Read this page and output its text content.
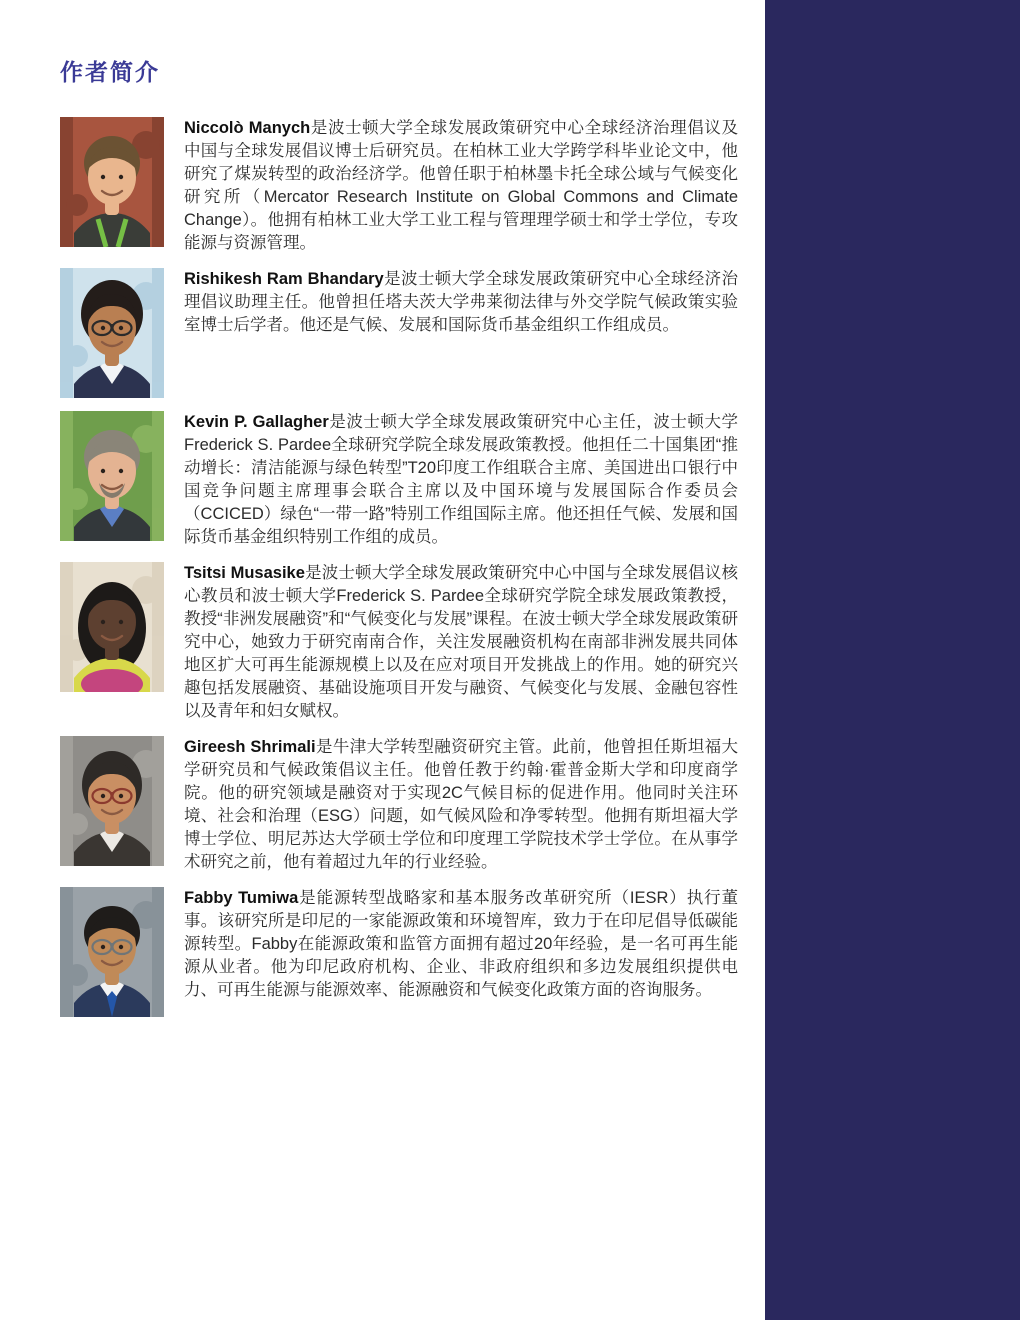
作者简介

Niccolò Manych是波士顿大学全球发展政策研究中心全球经济治理倡议及中国与全球发展倡议博士后研究员。在柏林工业大学跨学科毕业论文中，他研究了煤炭转型的政治经济学。他曾任职于柏林墨卡托全球公域与气候变化研究所（Mercator Research Institute on Global Commons and Climate Change）。他拥有柏林工业大学工业工程与管理理学硕士和学士学位，专攻能源与资源管理。

Rishikesh Ram Bhandary是波士顿大学全球发展政策研究中心全球经济治理倡议助理主任。他曾担任塔夫茨大学弗莱彻法律与外交学院气候政策实验室博士后学者。他还是气候、发展和国际货币基金组织工作组成员。

Kevin P. Gallagher是波士顿大学全球发展政策研究中心主任，波士顿大学Frederick S. Pardee全球研究学院全球发展政策教授。他担任二十国集团“推动增长：清洁能源与绿色转型”T20印度工作组联合主席、美国进出口银行中国竞争问题主席理事会联合主席以及中国环境与发展国际合作委员会（CCICED）绿色“一带一路”特别工作组国际主席。他还担任气候、发展和国际货币基金组织特别工作组的成员。

Tsitsi Musasike是波士顿大学全球发展政策研究中心中国与全球发展倡议核心教员和波士顿大学Frederick S. Pardee全球研究学院全球发展政策教授，教授“非洲发展融资”和“气候变化与发展”课程。在波士顿大学全球发展政策研究中心，她致力于研究南南合作，关注发展融资机构在南部非洲发展共同体地区扩大可再生能源规模上以及在应对项目开发挑战上的作用。她的研究兴趣包括发展融资、基础设施项目开发与融资、气候变化与发展、金融包容性以及青年和妇女赋权。

Gireesh Shrimali是牛津大学转型融资研究主管。此前，他曾担任斯坦福大学研究员和气候政策倡议主任。他曾任教于约翰·霍普金斯大学和印度商学院。他的研究领域是融资对于实现2C气候目标的促进作用。他同时关注环境、社会和治理（ESG）问题，如气候风险和净零转型。他拥有斯坦福大学博士学位、明尼苏达大学硕士学位和印度理工学院技术学士学位。在从事学术研究之前，他有着超过九年的行业经验。

Fabby Tumiwa是能源转型战略家和基本服务改革研究所（IESR）执行董事。该研究所是印尼的一家能源政策和环境智库，致力于在印尼倡导低碳能源转型。Fabby在能源政策和监管方面拥有超过20年经验，是一名可再生能源从业者。他为印尼政府机构、企业、非政府组织和多边发展组织提供电力、可再生能源与能源效率、能源融资和气候变化政策方面的咨询服务。
